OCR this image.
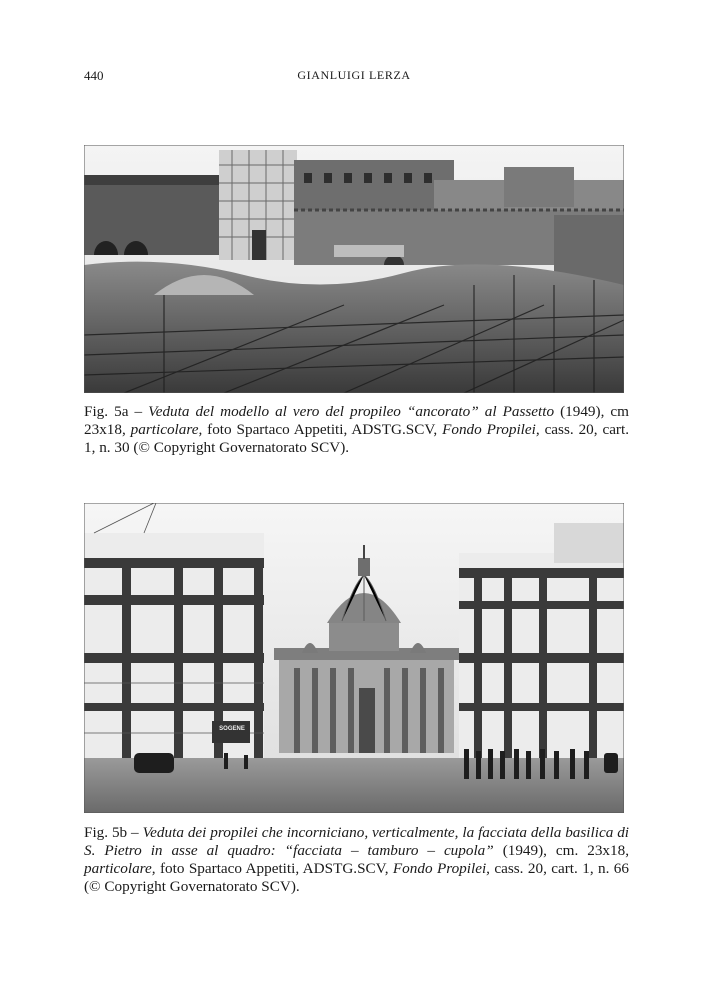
440	GIANLUIGI LERZA
Fig. 5a – Veduta del modello al vero del propileo “ancorato” al Passetto (1949), cm 23x18, particolare, foto Spartaco Appetiti, ADSTG.SCV, Fondo Propilei, cass. 20, cart. 1, n. 30 (© Copyright Governatorato SCV).
SOGENE
Fig. 5b – Veduta dei propilei che incorniciano, verticalmente, la facciata della basilica di S. Pietro in asse al quadro: “facciata – tamburo – cupola” (1949), cm. 23x18, particolare, foto Spartaco Appetiti, ADSTG.SCV, Fondo Propilei, cass. 20, cart. 1, n. 66 (© Copyright Governatorato SCV).
